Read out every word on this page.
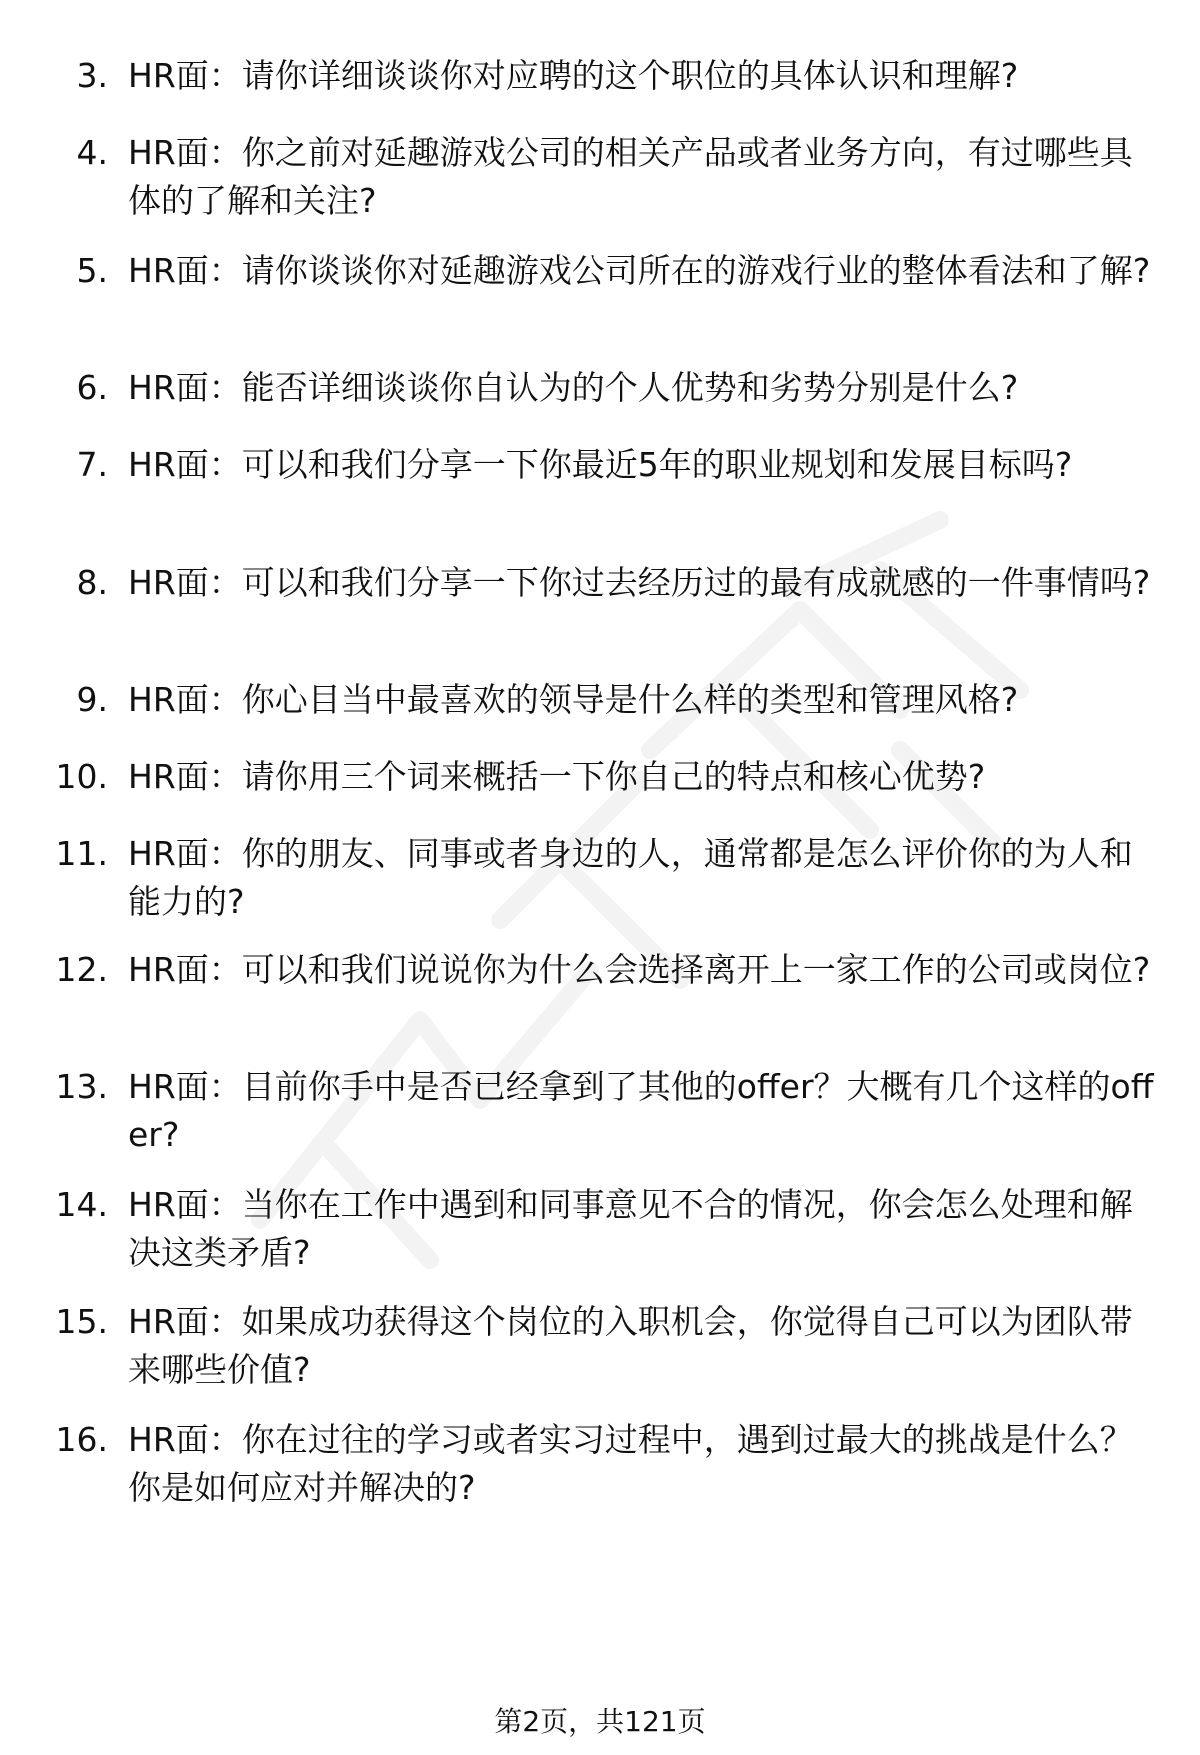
3. HR面：请你详细谈谈你对应聘的这个职位的具体认识和理解?
4. HR面：你之前对延趣游戏公司的相关产品或者业务方向，有过哪些具体的了解和关注?
5. HR面：请你谈谈你对延趣游戏公司所在的游戏行业的整体看法和了解?
6. HR面：能否详细谈谈你自认为的个人优势和劣势分别是什么?
7. HR面：可以和我们分享一下你最近5年的职业规划和发展目标吗?
8. HR面：可以和我们分享一下你过去经历过的最有成就感的一件事情吗?
9. HR面：你心目当中最喜欢的领导是什么样的类型和管理风格?
10. HR面：请你用三个词来概括一下你自己的特点和核心优势?
11. HR面：你的朋友、同事或者身边的人，通常都是怎么评价你的为人和能力的?
12. HR面：可以和我们说说你为什么会选择离开上一家工作的公司或岗位?
13. HR面：目前你手中是否已经拿到了其他的offer？大概有几个这样的offer?
14. HR面：当你在工作中遇到和同事意见不合的情况，你会怎么处理和解决这类矛盾?
15. HR面：如果成功获得这个岗位的入职机会，你觉得自己可以为团队带来哪些价值?
16. HR面：你在过往的学习或者实习过程中，遇到过最大的挑战是什么？你是如何应对并解决的?
第2页，共121页
